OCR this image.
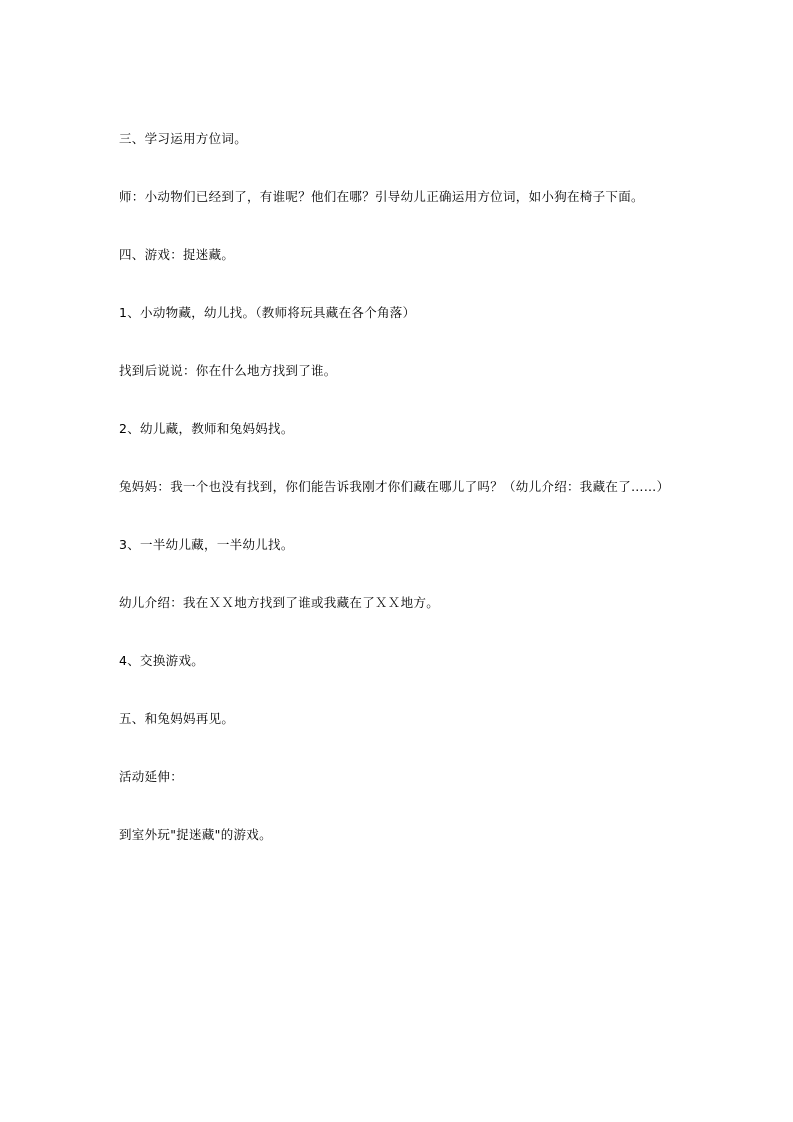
三、学习运用方位词。

师：小动物们已经到了，有谁呢？他们在哪？引导幼儿正确运用方位词，如小狗在椅子下面。

四、游戏：捉迷藏。

1、小动物藏，幼儿找。（教师将玩具藏在各个角落）

找到后说说：你在什么地方找到了谁。

2、幼儿藏，教师和兔妈妈找。

兔妈妈：我一个也没有找到，你们能告诉我刚才你们藏在哪儿了吗？（幼儿介绍：我藏在了……）

3、一半幼儿藏，一半幼儿找。

幼儿介绍：我在ＸＸ地方找到了谁或我藏在了ＸＸ地方。

4、交换游戏。

五、和兔妈妈再见。

活动延伸：

到室外玩"捉迷藏"的游戏。
